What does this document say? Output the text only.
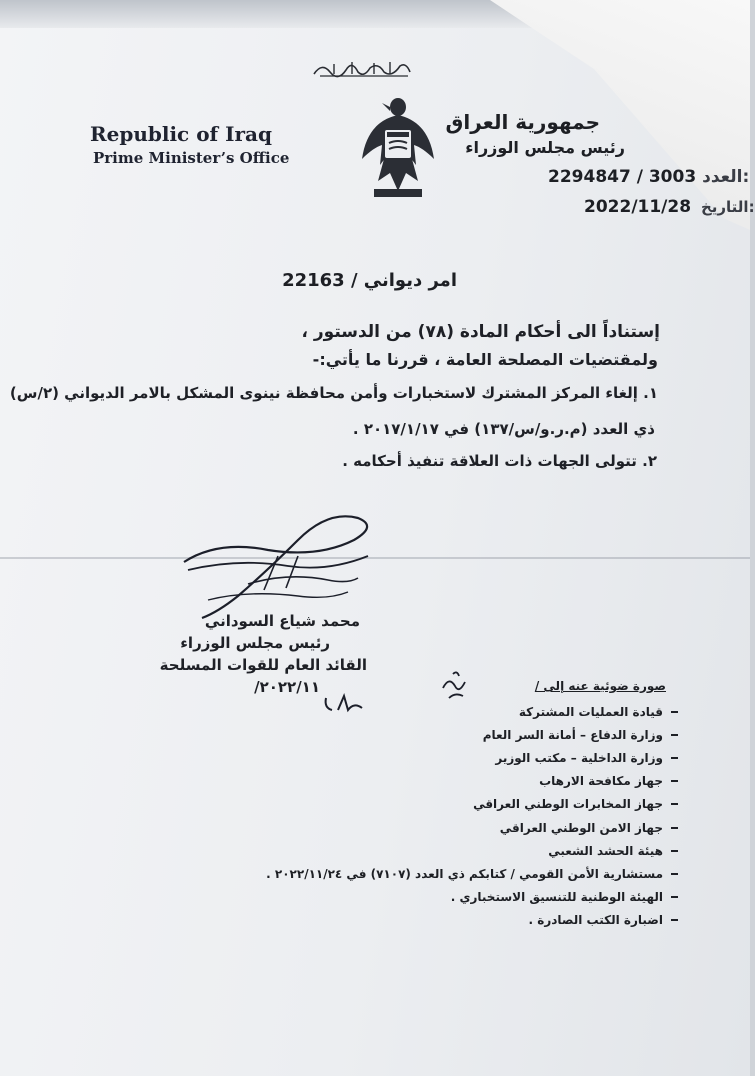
Republic of Iraq
Prime Minister’s Office
جمهورية العراق
رئيس مجلس الوزراء
2294847 / 3003 العدد:
2022/11/28 التاريخ:
امر ديواني / 22163
إستناداً الى أحكام المادة (٧٨) من الدستور ،
ولمقتضيات المصلحة العامة ، قررنا ما يأتي:-
١. إلغاء المركز المشترك لاستخبارات وأمن محافظة نينوى المشكل بالامر الديواني (٢/س)
ذي العدد (م.ر.و/س/١٣٧) في ٢٠١٧/١/١٧ .
٢. تتولى الجهات ذات العلاقة تنفيذ أحكامه .
محمد شياع السوداني
رئيس مجلس الوزراء
القائد العام للقوات المسلحة
٢٠٢٢/١١/	صورة ضوئية عنه إلى /
قيادة العمليات المشتركة
وزارة الدفاع – أمانة السر العام
وزارة الداخلية – مكتب الوزير
جهاز مكافحة الارهاب
جهاز المخابرات الوطني العراقي
جهاز الامن الوطني العراقي
هيئة الحشد الشعبي
مستشارية الأمن القومي / كتابكم ذي العدد (٧١٠٧) في ٢٠٢٢/١١/٢٤ .
الهيئة الوطنية للتنسيق الاستخباري .
اضبارة الكتب الصادرة .
